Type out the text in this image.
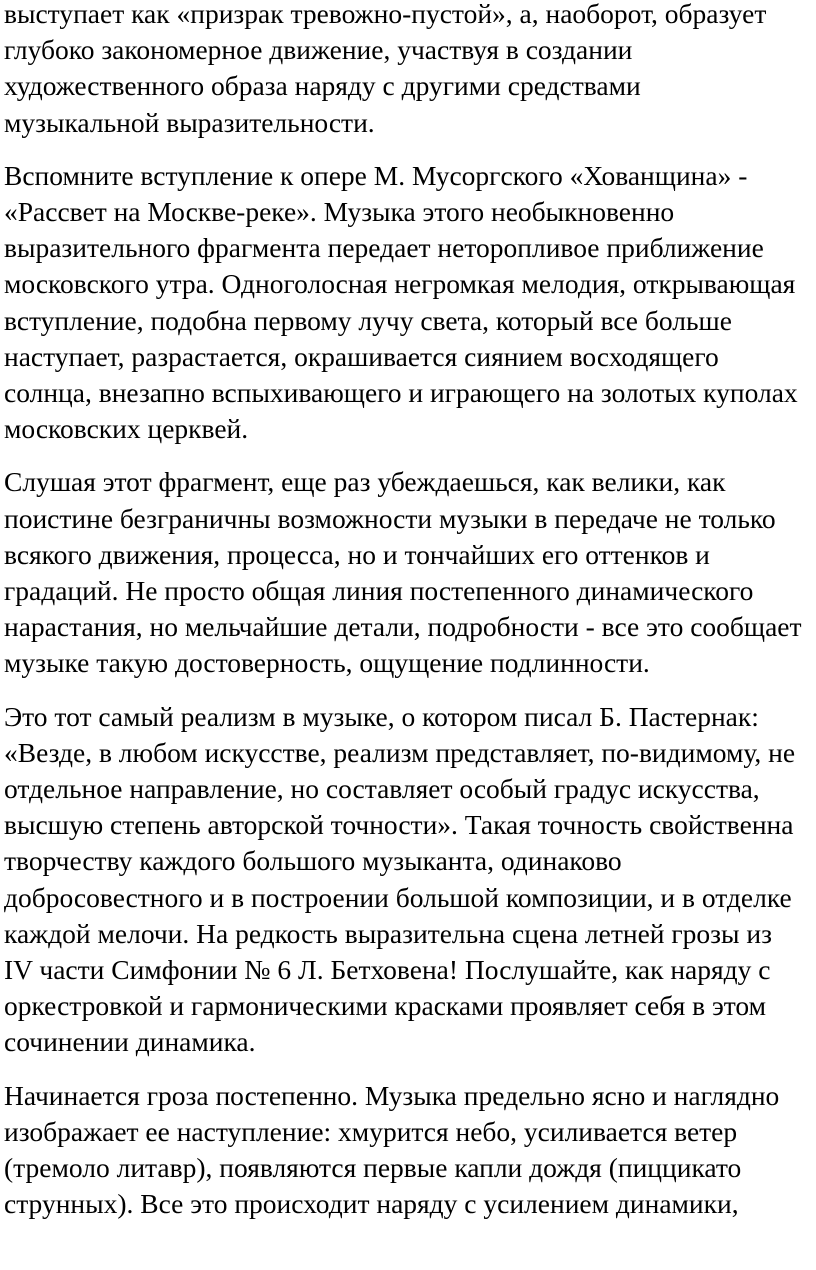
выступает как «призрак тревожно-пустой», а, наоборот, образует
глубоко закономерное движение, участвуя в создании
художественного образа наряду с другими средствами
музыкальной выразительности.

Вспомните вступление к опере М. Мусоргского «Хованщина» -
«Рассвет на Москве-реке». Музыка этого необыкновенно
выразительного фрагмента передает неторопливое приближение
московского утра. Одноголосная негромкая мелодия, открывающая
вступление, подобна первому лучу света, который все больше
наступает, разрастается, окрашивается сиянием восходящего
солнца, внезапно вспыхивающего и играющего на золотых куполах
московских церквей.

Слушая этот фрагмент, еще раз убеждаешься, как велики, как
поистине безграничны возможности музыки в передаче не только
всякого движения, процесса, но и тончайших его оттенков и
градаций. Не просто общая линия постепенного динамического
нарастания, но мельчайшие детали, подробности - все это сообщает
музыке такую достоверность, ощущение подлинности.

Это тот самый реализм в музыке, о котором писал Б. Пастернак:
«Везде, в любом искусстве, реализм представляет, по-видимому, не
отдельное направление, но составляет особый градус искусства,
высшую степень авторской точности». Такая точность свойственна
творчеству каждого большого музыканта, одинаково
добросовестного и в построении большой композиции, и в отделке
каждой мелочи. На редкость выразительна сцена летней грозы из
IV части Симфонии № 6 Л. Бетховена! Послушайте, как наряду с
оркестровкой и гармоническими красками проявляет себя в этом
сочинении динамика.

Начинается гроза постепенно. Музыка предельно ясно и наглядно
изображает ее наступление: хмурится небо, усиливается ветер
(тремоло литавр), появляются первые капли дождя (пиццикато
струнных). Все это происходит наряду с усилением динамики,
